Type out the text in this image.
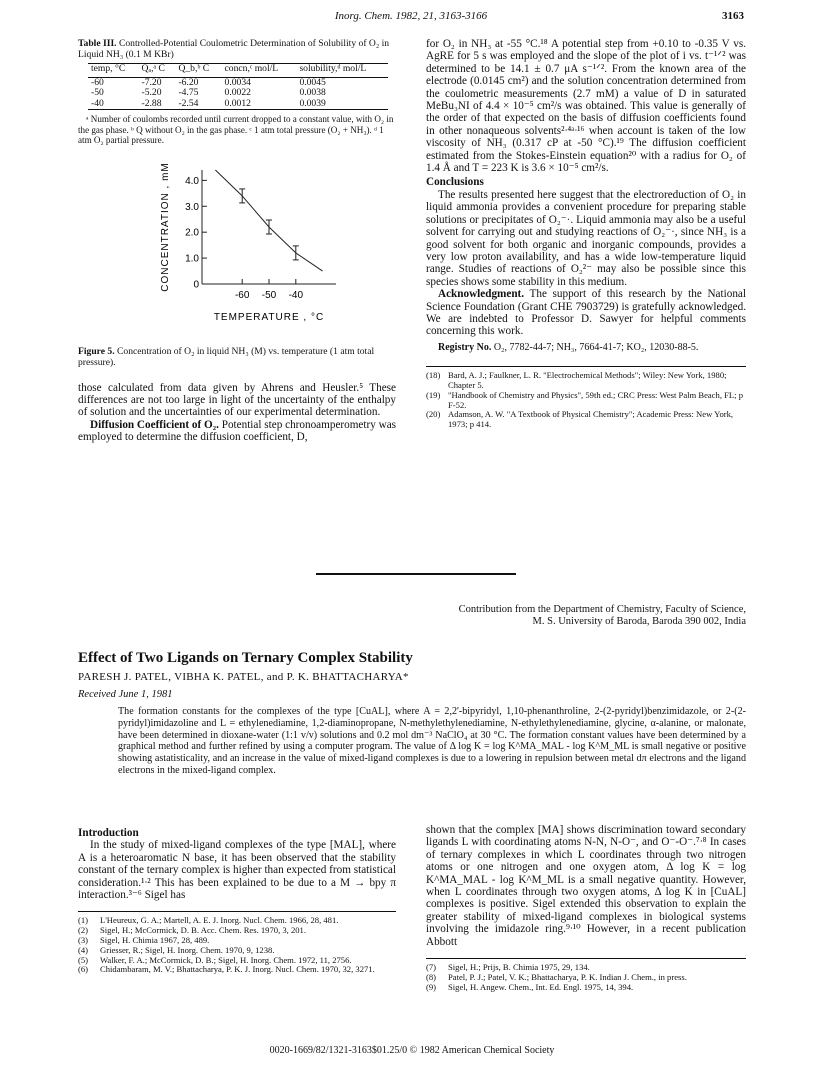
Inorg. Chem. 1982, 21, 3163-3166	3163
Table III. Controlled-Potential Coulometric Determination of Solubility of O₂ in Liquid NH₃ (0.1 M KBr)
temp, °C	Qₐ,ᵃ C	Q_b,ᵇ C	concn,ᶜ mol/L	solubility,ᵈ mol/L

-60	-7.20	-6.20	0.0034	0.0045
-50	-5.20	-4.75	0.0022	0.0038
-40	-2.88	-2.54	0.0012	0.0039
ᵃ Number of coulombs recorded until current dropped to a constant value, with O₂ in the gas phase. ᵇ Q without O₂ in the gas phase. ᶜ 1 atm total pressure (O₂ + NH₃). ᵈ 1 atm O₂ partial pressure.
0
1.0
2.0
3.0
4.0
-60 -50 -40
TEMPERATURE , °C
CONCENTRATION , mM
Figure 5. Concentration of O₂ in liquid NH₃ (M) vs. temperature (1 atm total pressure).

those calculated from data given by Ahrens and Heusler.⁵ These differences are not too large in light of the uncertainty of the enthalpy of solution and the uncertainties of our experimental determination.

Diffusion Coefficient of O₂. Potential step chronoamperometry was employed to determine the diffusion coefficient, D,

for O₂ in NH₃ at -55 °C.¹⁸ A potential step from +0.10 to -0.35 V vs. AgRE for 5 s was employed and the slope of the plot of i vs. t⁻¹ᐟ² was determined to be 14.1 ± 0.7 μA s⁻¹ᐟ². From the known area of the electrode (0.0145 cm²) and the solution concentration determined from the coulometric measurements (2.7 mM) a value of D in saturated MeBu₃NI of 4.4 × 10⁻⁵ cm²/s was obtained. This value is generally of the order of that expected on the basis of diffusion coefficients found in other nonaqueous solvents²ᐧ⁴ᵃᐧ¹⁶ when account is taken of the low viscosity of NH₃ (0.317 cP at -50 °C).¹⁹ The diffusion coefficient estimated from the Stokes-Einstein equation²⁰ with a radius for O₂ of 1.4 Å and T = 223 K is 3.6 × 10⁻⁵ cm²/s.

Conclusions

The results presented here suggest that the electroreduction of O₂ in liquid ammonia provides a convenient procedure for preparing stable solutions or precipitates of O₂⁻·. Liquid ammonia may also be a useful solvent for carrying out and studying reactions of O₂⁻·, since NH₃ is a good solvent for both organic and inorganic compounds, provides a very low proton availability, and has a wide low-temperature liquid range. Studies of reactions of O₂²⁻ may also be possible since this species shows some stability in this medium.

Acknowledgment. The support of this research by the National Science Foundation (Grant CHE 7903729) is gratefully acknowledged. We are indebted to Professor D. Sawyer for helpful comments concerning this work.

Registry No. O₂, 7782-44-7; NH₃, 7664-41-7; KO₂, 12030-88-5.

(18) Bard, A. J.; Faulkner, L. R. "Electrochemical Methods"; Wiley: New York, 1980; Chapter 5.
(19) "Handbook of Chemistry and Physics", 59th ed.; CRC Press: West Palm Beach, FL; p F-52.
(20) Adamson, A. W. "A Textbook of Physical Chemistry"; Academic Press: New York, 1973; p 414.
Contribution from the Department of Chemistry, Faculty of Science,
M. S. University of Baroda, Baroda 390 002, India
Effect of Two Ligands on Ternary Complex Stability
PARESH J. PATEL, VIBHA K. PATEL, and P. K. BHATTACHARYA*
Received June 1, 1981
The formation constants for the complexes of the type [CuAL], where A = 2,2'-bipyridyl, 1,10-phenanthroline, 2-(2-pyridyl)benzimidazole, or 2-(2-pyridyl)imidazoline and L = ethylenediamine, 1,2-diaminopropane, N-methylethylenediamine, N-ethylethylenediamine, glycine, α-alanine, or malonate, have been determined in dioxane-water (1:1 v/v) solutions and 0.2 mol dm⁻³ NaClO₄ at 30 °C. The formation constant values have been determined by a graphical method and further refined by using a computer program. The value of Δ log K = log K^MA_MAL - log K^M_ML is small negative or positive showing astatisticality, and an increase in the value of mixed-ligand complexes is due to a lowering in repulsion between metal dπ electrons and the ligand electrons in the mixed-ligand complex.

Introduction

In the study of mixed-ligand complexes of the type [MAL], where A is a heteroaromatic N base, it has been observed that the stability constant of the ternary complex is higher than expected from statistical consideration.¹ᐧ² This has been explained to be due to a M → bpy π interaction.³⁻⁶ Sigel has

(1)	L'Heureux, G. A.; Martell, A. E. J. Inorg. Nucl. Chem. 1966, 28, 481.
(2)	Sigel, H.; McCormick, D. B. Acc. Chem. Res. 1970, 3, 201.
(3)	Sigel, H. Chimia 1967, 28, 489.
(4)	Griesser, R.; Sigel, H. Inorg. Chem. 1970, 9, 1238.
(5)	Walker, F. A.; McCormick, D. B.; Sigel, H. Inorg. Chem. 1972, 11, 2756.
(6)	Chidambaram, M. V.; Bhattacharya, P. K. J. Inorg. Nucl. Chem. 1970, 32, 3271.

shown that the complex [MA] shows discrimination toward secondary ligands L with coordinating atoms N-N, N-O⁻, and O⁻-O⁻.⁷ᐧ⁸ In cases of ternary complexes in which L coordinates through two nitrogen atoms or one nitrogen and one oxygen atom, Δ log K = log K^MA_MAL - log K^M_ML is a small negative quantity. However, when L coordinates through two oxygen atoms, Δ log K in [CuAL] complexes is positive. Sigel extended this observation to explain the greater stability of mixed-ligand complexes in biological systems involving the imidazole ring.⁹ᐧ¹⁰ However, in a recent publication Abbott

(7)	Sigel, H.; Prijs, B. Chimia 1975, 29, 134.
(8)	Patel, P. J.; Patel, V. K.; Bhattacharya, P. K. Indian J. Chem., in press.
(9)	Sigel, H. Angew. Chem., Int. Ed. Engl. 1975, 14, 394.
0020-1669/82/1321-3163$01.25/0 © 1982 American Chemical Society
